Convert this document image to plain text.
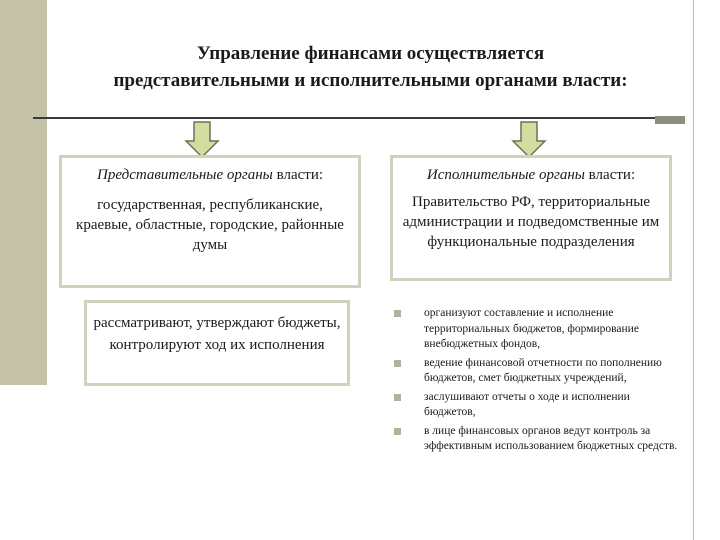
Управление финансами осуществляется
представительными и исполнительными органами власти:
Представительные органы власти:
государственная, республиканские, краевые, областные, городские, районные думы
Исполнительные органы власти:
Правительство РФ, территориальные администрации и подведомственные им функциональные подразделения
рассматривают, утверждают бюджеты, контролируют ход их исполнения
организуют составление и исполнение территориальных бюджетов, формирование внебюджетных фондов,
ведение финансовой отчетности по пополнению бюджетов, смет бюджетных учреждений,
заслушивают отчеты о ходе и исполнении бюджетов,
в лице финансовых органов ведут контроль за эффективным использованием бюджетных средств.
